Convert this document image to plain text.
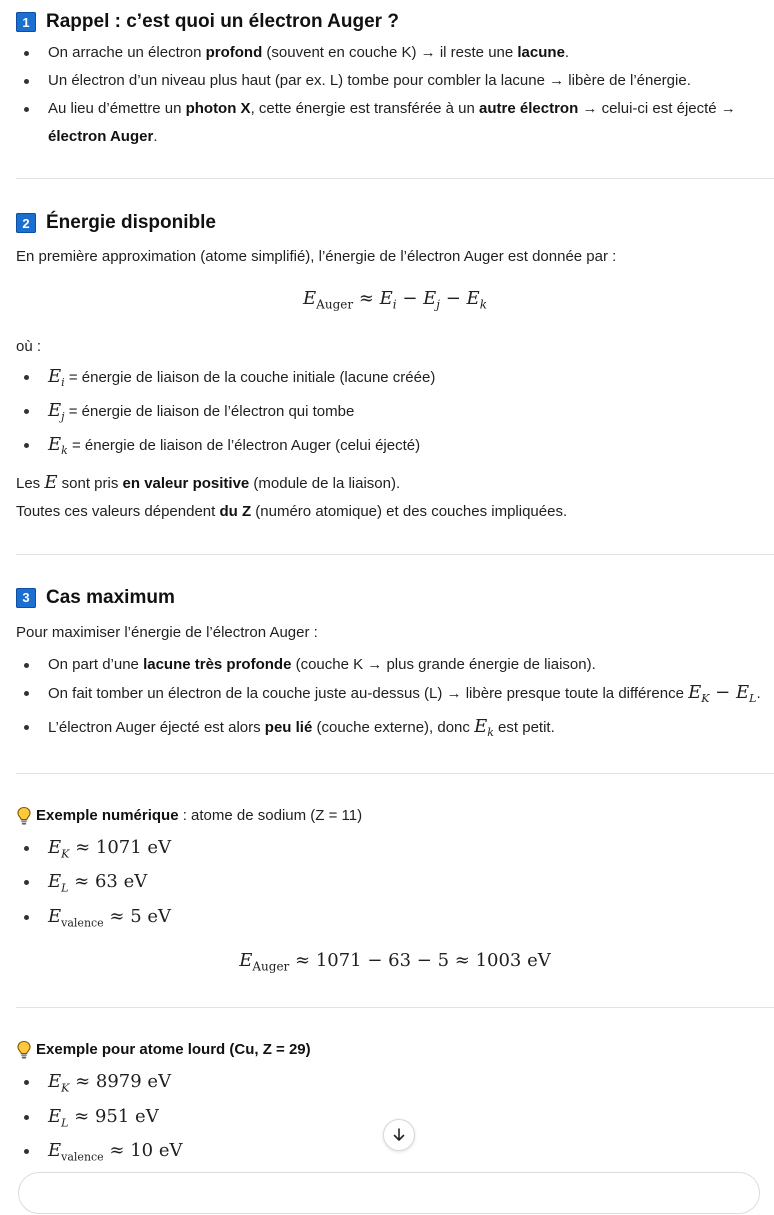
1 Rappel : c’est quoi un électron Auger ?
On arrache un électron profond (souvent en couche K) → il reste une lacune.
Un électron d’un niveau plus haut (par ex. L) tombe pour combler la lacune → libère de l’énergie.
Au lieu d’émettre un photon X, cette énergie est transférée à un autre électron → celui-ci est éjecté → électron Auger.
2 Énergie disponible
En première approximation (atome simplifié), l’énergie de l’électron Auger est donnée par :
$E_{Auger} \approx E_i - E_j - E_k$
où :
$E_i$ = énergie de liaison de la couche initiale (lacune créée)
$E_j$ = énergie de liaison de l’électron qui tombe
$E_k$ = énergie de liaison de l’électron Auger (celui éjecté)
Les E sont pris en valeur positive (module de la liaison).
Toutes ces valeurs dépendent du Z (numéro atomique) et des couches impliquées.
3 Cas maximum
Pour maximiser l’énergie de l’électron Auger :
On part d’une lacune très profonde (couche K → plus grande énergie de liaison).
On fait tomber un électron de la couche juste au-dessus (L) → libère presque toute la différence $E_K - E_L$.
L’électron Auger éjecté est alors peu lié (couche externe), donc $E_k$ est petit.
Exemple numérique : atome de sodium (Z = 11)
$E_K \approx 1071$ eV
$E_L \approx 63$ eV
$E_{valence} \approx 5$ eV
$E_{Auger} \approx 1071 - 63 - 5 \approx 1003$ eV
Exemple pour atome lourd (Cu, Z = 29)
$E_K \approx 8979$ eV
$E_L \approx 951$ eV
$E_{valence} \approx 10$ eV
